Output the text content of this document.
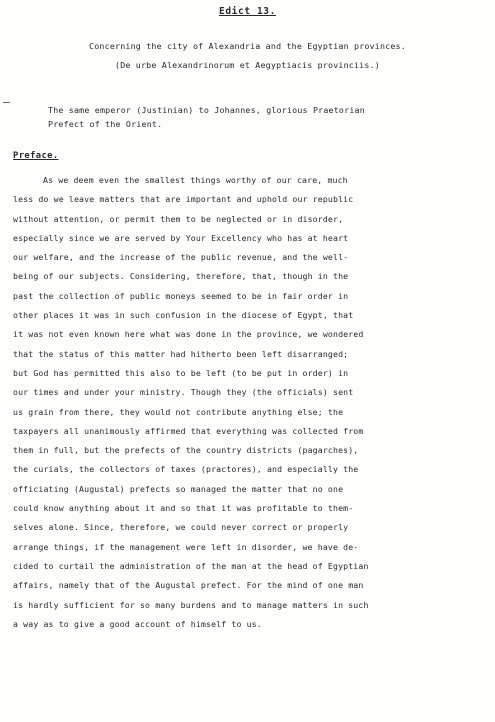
Edict 13.

Concerning the city of Alexandria and the Egyptian provinces.

(De urbe Alexandrinorum et Aegyptiacis provinciis.)

The same emperor (Justinian) to Johannes, glorious Praetorian
Prefect of the Orient.

Preface.

As we deem even the smallest things worthy of our care, much
less do we leave matters that are important and uphold our republic
without attention, or permit them to be neglected or in disorder,
especially since we are served by Your Excellency who has at heart
our welfare, and the increase of the public revenue, and the well-
being of our subjects. Considering, therefore, that, though in the
past the collection of public moneys seemed to be in fair order in
other places it was in such confusion in the diocese of Egypt, that
it was not even known here what was done in the province, we wondered
that the status of this matter had hitherto been left disarranged;
but God has permitted this also to be left (to be put in order) in
our times and under your ministry. Though they (the officials) sent
us grain from there, they would not contribute anything else; the
taxpayers all unanimously affirmed that everything was collected from
them in full, but the prefects of the country districts (pagarches),
the curials, the collectors of taxes (practores), and especially the
officiating (Augustal) prefects so managed the matter that no one
could know anything about it and so that it was profitable to them-
selves alone. Since, therefore, we could never correct or properly
arrange things, if the management were left in disorder, we have de-
cided to curtail the administration of the man at the head of Egyptian
affairs, namely that of the Augustal prefect. For the mind of one man
is hardly sufficient for so many burdens and to manage matters in such
a way as to give a good account of himself to us.
